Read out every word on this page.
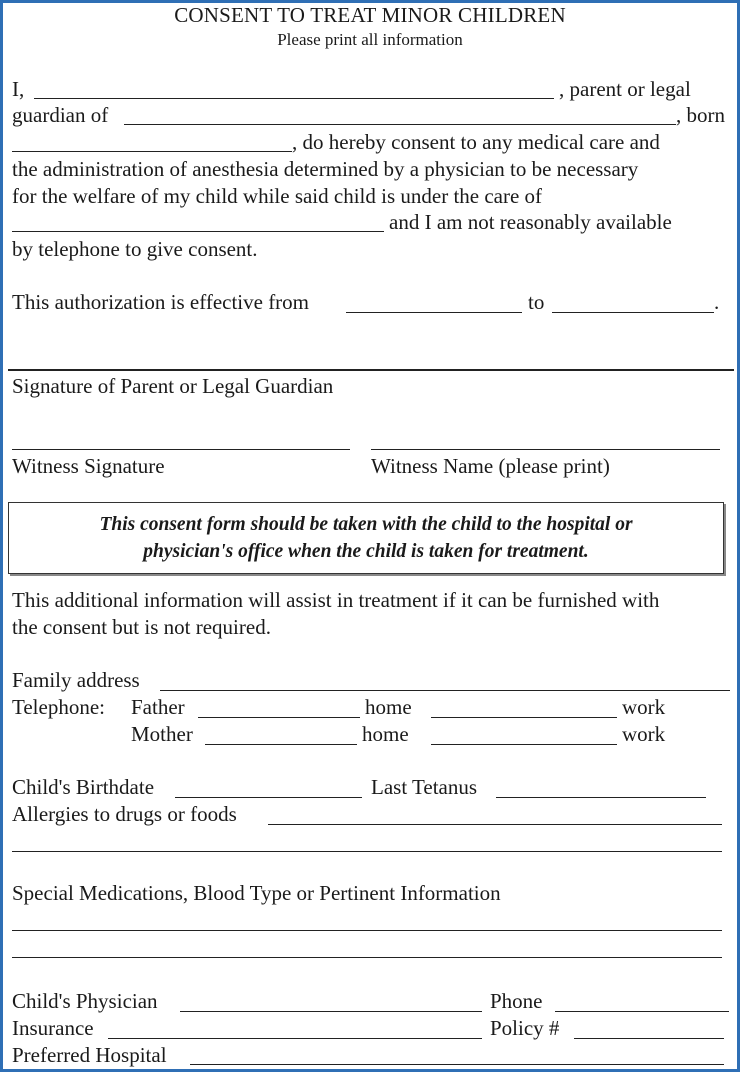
CONSENT TO TREAT MINOR CHILDREN
Please print all information
I,	, parent or legal
guardian of	, born
, do hereby consent to any medical care and
the administration of anesthesia determined by a physician to be necessary
for the welfare of my child while said child is under the care of
and I am not reasonably available
by telephone to give consent.
This authorization is effective from	to	.
Signature of Parent or Legal Guardian
Witness Signature	Witness Name (please print)
This consent form should be taken with the child to the hospital or
physician's office when the child is taken for treatment.
This additional information will assist in treatment if it can be furnished with
the consent but is not required.
Family address
Telephone: Father	home	work
Mother	home	work
Child's Birthdate	Last Tetanus
Allergies to drugs or foods
Special Medications, Blood Type or Pertinent Information
Child's Physician	Phone
Insurance	Policy #
Preferred Hospital
